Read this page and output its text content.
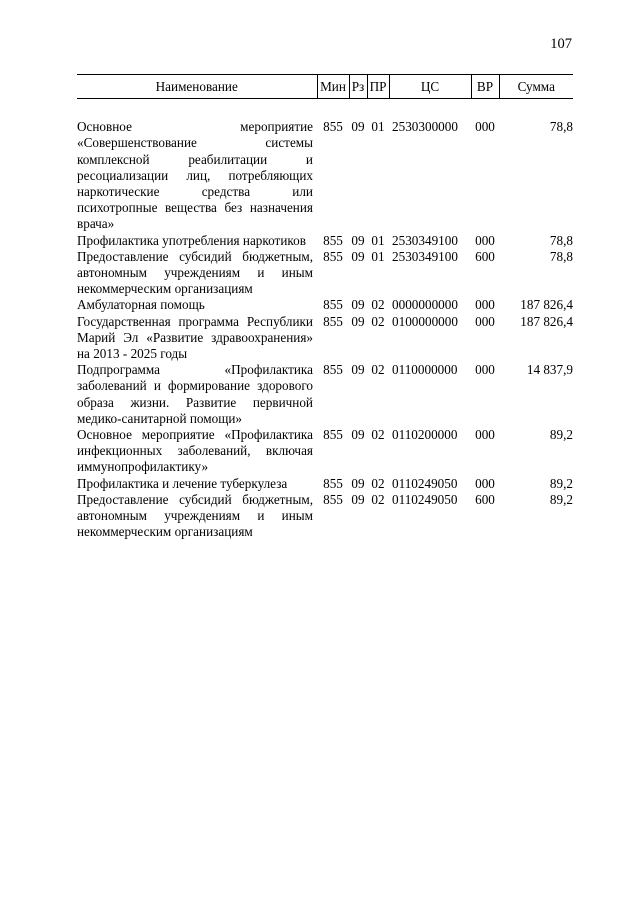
107
Наименование	Мин	Рз	ПР	ЦС	ВР	Сумма
Основное мероприятие «Совершенствование системы комплексной реабилитации и ресоциализации лиц, потребляющих наркотические средства или психотропные вещества без назначения врача»	855	09	01	2530300000	000	78,8
Профилактика употребления наркотиков	855	09	01	2530349100	000	78,8
Предоставление субсидий бюджетным, автономным учреждениям и иным некоммерческим организациям	855	09	01	2530349100	600	78,8
Амбулаторная помощь	855	09	02	0000000000	000	187 826,4
Государственная программа Республики Марий Эл «Развитие здравоохранения» на 2013 - 2025 годы	855	09	02	0100000000	000	187 826,4
Подпрограмма «Профилактика заболеваний и формирование здорового образа жизни. Развитие первичной медико-санитарной помощи»	855	09	02	0110000000	000	14 837,9
Основное мероприятие «Профилактика инфекционных заболеваний, включая иммунопрофилактику»	855	09	02	0110200000	000	89,2
Профилактика и лечение туберкулеза	855	09	02	0110249050	000	89,2
Предоставление субсидий бюджетным, автономным учреждениям и иным некоммерческим организациям	855	09	02	0110249050	600	89,2
